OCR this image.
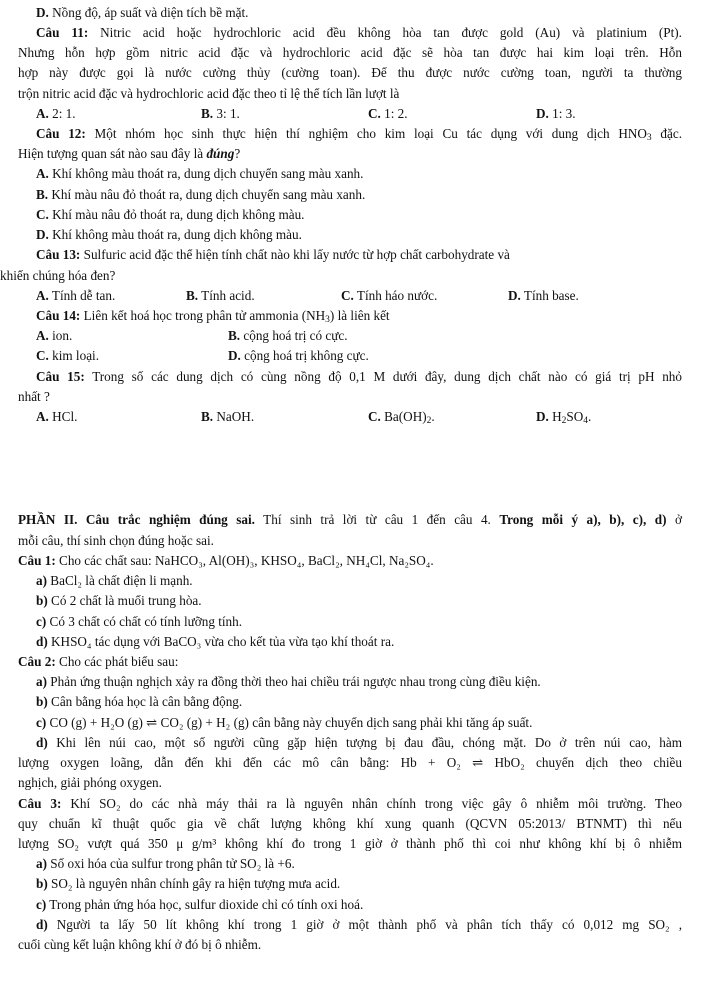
D. Nồng độ, áp suất và diện tích bề mặt.
Câu 11: Nitric acid hoặc hydrochloric acid đều không hòa tan được gold (Au) và platinium (Pt).
Nhưng hỗn hợp gồm nitric acid đặc và hydrochloric acid đặc sẽ hòa tan được hai kim loại trên. Hỗn
hợp này được gọi là nước cường thủy (cường toan). Để thu được nước cường toan, người ta thường
trộn nitric acid đặc và hydrochloric acid đặc theo tỉ lệ thể tích lần lượt là
A. 2: 1.	B. 3: 1.	C. 1: 2.	D. 1: 3.
Câu 12: Một nhóm học sinh thực hiện thí nghiệm cho kim loại Cu tác dụng với dung dịch $HNO_3$ đặc.
Hiện tượng quan sát nào sau đây là đúng?
A. Khí không màu thoát ra, dung dịch chuyển sang màu xanh.
B. Khí màu nâu đỏ thoát ra, dung dịch chuyển sang màu xanh.
C. Khí màu nâu đỏ thoát ra, dung dịch không màu.
D. Khí không màu thoát ra, dung dịch không màu.
Câu 13: Sulfuric acid đặc thể hiện tính chất nào khi lấy nước từ hợp chất carbohydrate và
khiến chúng hóa đen?
A. Tính dễ tan.	B. Tính acid.	C. Tính háo nước.	D. Tính base.
Câu 14: Liên kết hoá học trong phân tử ammonia $(NH_3)$ là liên kết
A. ion.	B. cộng hoá trị có cực.
C. kim loại.	D. cộng hoá trị không cực.
Câu 15: Trong số các dung dịch có cùng nồng độ 0,1 M dưới đây, dung dịch chất nào có giá trị pH nhỏ
nhất ?
A. HCl.	B. NaOH.	C. $Ba(OH)_2$.	D. $H_2SO_4$.
PHẦN II. Câu trắc nghiệm đúng sai. Thí sinh trả lời từ câu 1 đến câu 4. Trong mỗi ý a), b), c), d) ở
mỗi câu, thí sinh chọn đúng hoặc sai.
Câu 1: Cho các chất sau: NaHCO₃, Al(OH)₃, KHSO₄, BaCl₂, NH₄Cl, Na₂SO₄.
a) BaCl₂ là chất điện li mạnh.
b) Có 2 chất là muối trung hòa.
c) Có 3 chất có chất có tính lưỡng tính.
d) KHSO₄ tác dụng với BaCO₃ vừa cho kết tủa vừa tạo khí thoát ra.
Câu 2: Cho các phát biểu sau:
a) Phản ứng thuận nghịch xảy ra đồng thời theo hai chiều trái ngược nhau trong cùng điều kiện.
b) Cân bằng hóa học là cân bằng động.
c) CO (g) + H₂O (g) ⇌ CO₂ (g) + H₂ (g) cân bằng này chuyển dịch sang phải khi tăng áp suất.
d) Khi lên núi cao, một số người cũng gặp hiện tượng bị đau đầu, chóng mặt. Do ở trên núi cao, hàm
lượng oxygen loãng, dẫn đến khi đến các mô cân bằng: Hb + O₂ ⇌ HbO₂ chuyển dịch theo chiều
nghịch, giải phóng oxygen.
Câu 3: Khí SO₂ do các nhà máy thải ra là nguyên nhân chính trong việc gây ô nhiễm môi trường. Theo
quy chuẩn kĩ thuật quốc gia về chất lượng không khí xung quanh (QCVN 05:2013/ BTNMT) thì nếu
lượng SO₂ vượt quá 350 μ g/m³ không khí đo trong 1 giờ ở thành phố thì coi như không khí bị ô nhiễm
a) Số oxi hóa của sulfur trong phân tử SO₂ là +6.
b) SO₂ là nguyên nhân chính gây ra hiện tượng mưa acid.
c) Trong phản ứng hóa học, sulfur dioxide chỉ có tính oxi hoá.
d) Người ta lấy 50 lít không khí trong 1 giờ ở một thành phố và phân tích thấy có 0,012 mg SO₂ ,
cuối cùng kết luận không khí ở đó bị ô nhiễm.
